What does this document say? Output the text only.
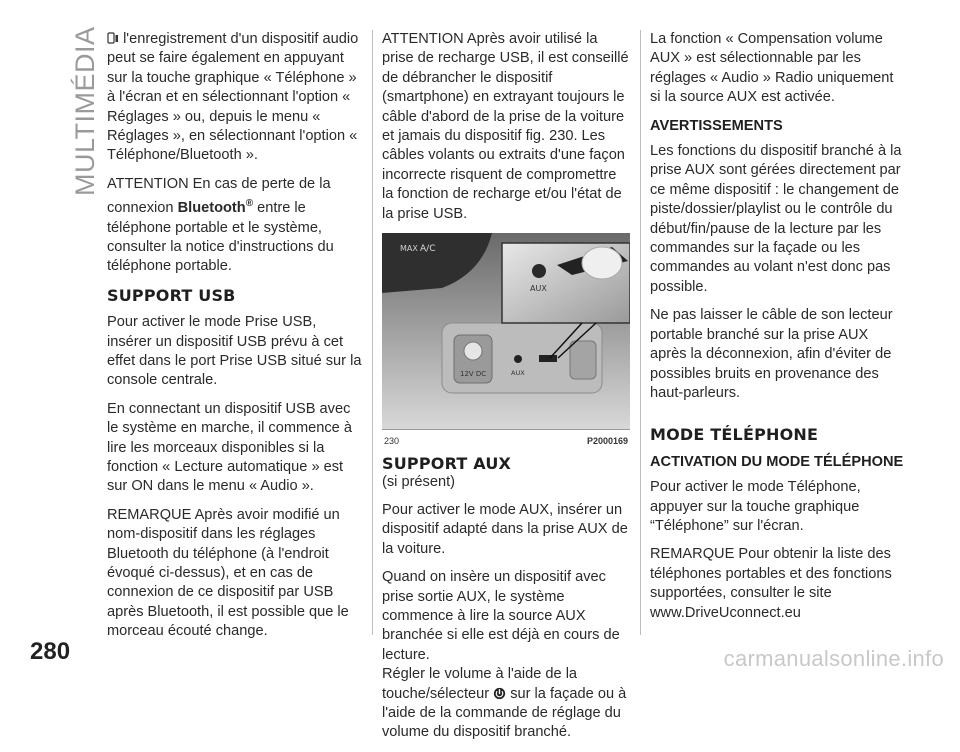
MULTIMÉDIA	l'enregistrement d'un dispositif audio peut se faire également en appuyant sur la touche graphique « Téléphone » à l'écran et en sélectionnant l'option « Réglages » ou, depuis le menu « Réglages », en sélectionnant l'option « Téléphone/Bluetooth ».

ATTENTION En cas de perte de la connexion Bluetooth® entre le téléphone portable et le système, consulter la notice d'instructions du téléphone portable.

SUPPORT USB

Pour activer le mode Prise USB, insérer un dispositif USB prévu à cet effet dans le port Prise USB situé sur la console centrale.

En connectant un dispositif USB avec le système en marche, il commence à lire les morceaux disponibles si la fonction « Lecture automatique » est sur ON dans le menu « Audio ».

REMARQUE Après avoir modifié un nom-dispositif dans les réglages Bluetooth du téléphone (à l'endroit évoqué ci-dessus), et en cas de connexion de ce dispositif par USB après Bluetooth, il est possible que le morceau écouté change.

ATTENTION Après avoir utilisé la prise de recharge USB, il est conseillé de débrancher le dispositif (smartphone) en extrayant toujours le câble d'abord de la prise de la voiture et jamais du dispositif fig. 230. Les câbles volants ou extraits d'une façon incorrecte risquent de compromettre la fonction de recharge et/ou l'état de la prise USB.

MAX A/C
12V DC	AUX
AUX
230	P2000169
SUPPORT AUX

(si présent)

Pour activer le mode AUX, insérer un dispositif adapté dans la prise AUX de la voiture.

Quand on insère un dispositif avec prise sortie AUX, le système commence à lire la source AUX branchée si elle est déjà en cours de lecture.

Régler le volume à l'aide de la touche/sélecteur  sur la façade ou à l'aide de la commande de réglage du volume du dispositif branché.

La fonction « Compensation volume AUX » est sélectionnable par les réglages « Audio » Radio uniquement si la source AUX est activée.

AVERTISSEMENTS

Les fonctions du dispositif branché à la prise AUX sont gérées directement par ce même dispositif : le changement de piste/dossier/playlist ou le contrôle du début/fin/pause de la lecture par les commandes sur la façade ou les commandes au volant n'est donc pas possible.

Ne pas laisser le câble de son lecteur portable branché sur la prise AUX après la déconnexion, afin d'éviter de possibles bruits en provenance des haut-parleurs.

MODE TÉLÉPHONE
ACTIVATION DU MODE TÉLÉPHONE

Pour activer le mode Téléphone, appuyer sur la touche graphique “Téléphone” sur l'écran.

REMARQUE Pour obtenir la liste des téléphones portables et des fonctions supportées, consulter le site www.DriveUconnect.eu

280	carmanualsonline.info
